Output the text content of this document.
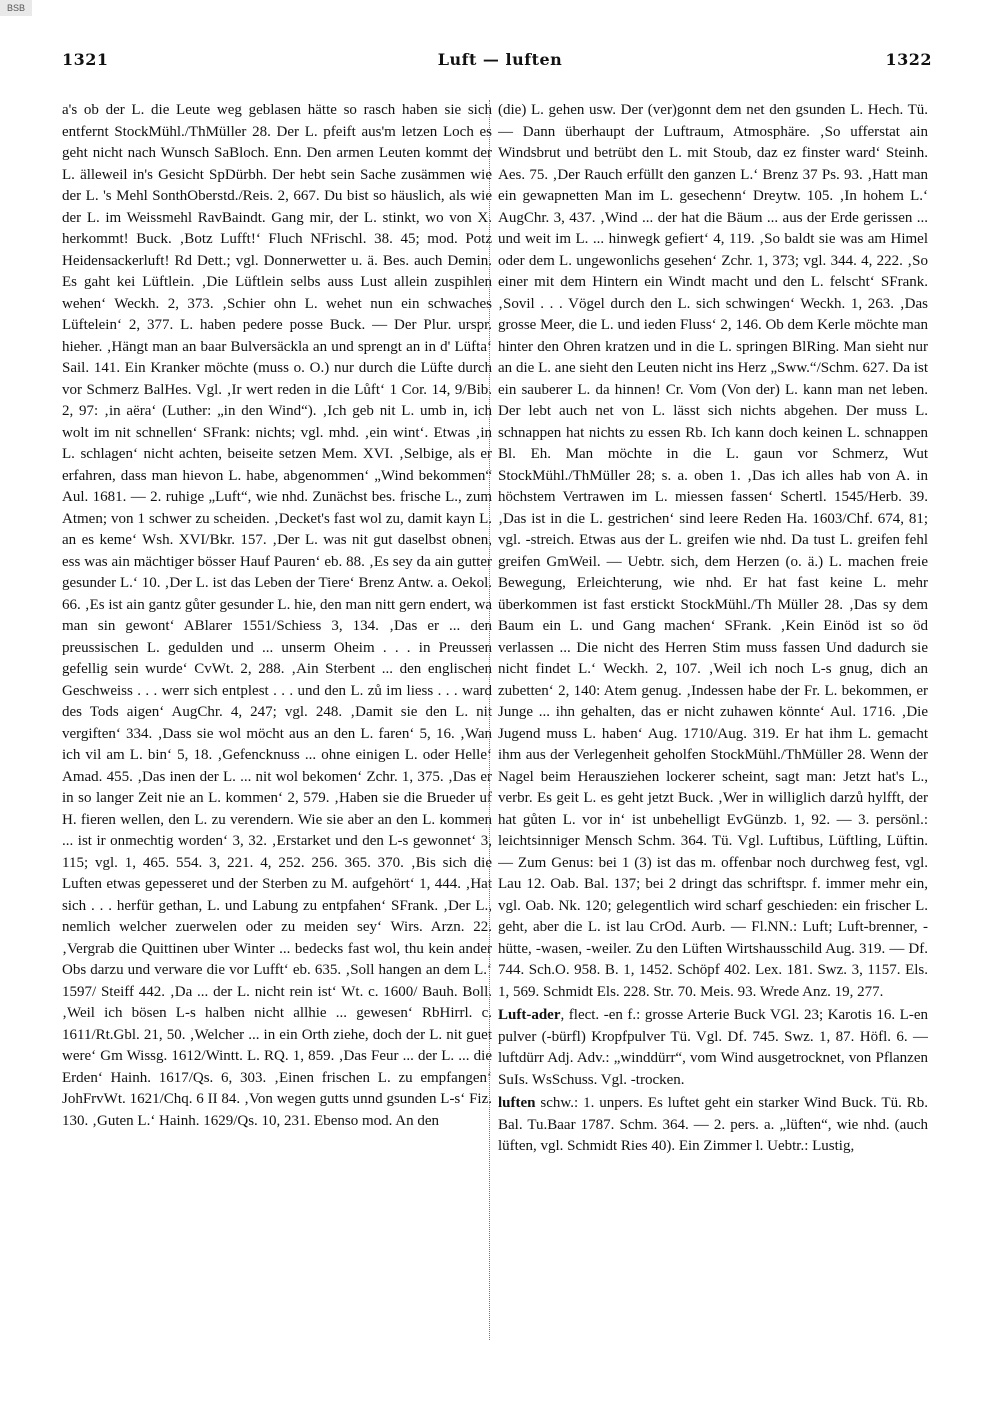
BSB
1321	Luft — luften	1322

a's ob der L. die Leute weg geblasen hätte so rasch haben sie sich entfernt StockMühl./ThMüller 28. Der L. pfeift aus'm letzen Loch es geht nicht nach Wunsch SaBloch. Enn. Den armen Leuten kommt der L. älleweil in's Gesicht SpDürbh. Der hebt sein Sache zusämmen wie der L. 's Mehl SonthOberstd./Reis. 2, 667. Du bist so häuslich, als wie der L. im Weissmehl RavBaindt. Gang mir, der L. stinkt, wo von X. herkommt! Buck. ‚Botz Lufft!‘ Fluch NFrischl. 38. 45; mod. Potz Heidensackerluft! Rd Dett.; vgl. Donnerwetter u. ä. Bes. auch Demin. Es gaht kei Lüftlein. ‚Die Lüftlein selbs auss Lust allein zuspihlen wehen‘ Weckh. 2, 373. ‚Schier ohn L. wehet nun ein schwaches Lüftelein‘ 2, 377. L. haben pedere posse Buck. — Der Plur. urspr. hieher. ‚Hängt man an baar Bulversäckla an und sprengt an in d' Lüfta‘ Sail. 141. Ein Kranker möchte (muss o. O.) nur durch die Lüfte durch vor Schmerz BalHes. Vgl. ‚Ir wert reden in die Lůft‘ 1 Cor. 14, 9/Bib. 2, 97: ‚in aëra‘ (Luther: „in den Wind“). ‚Ich geb nit L. umb in, ich wolt im nit schnellen‘ SFrank: nichts; vgl. mhd. ‚ein wint‘. Etwas ‚in L. schlagen‘ nicht achten, beiseite setzen Mem. XVI. ‚Selbige, als er erfahren, dass man hievon L. habe, abgenommen‘ „Wind bekommen“ Aul. 1681. — 2. ruhige „Luft“, wie nhd. Zunächst bes. frische L., zum Atmen; von 1 schwer zu scheiden. ‚Decket's fast wol zu, damit kayn L. an es keme‘ Wsh. XVI/Bkr. 157. ‚Der L. was nit gut daselbst obnen, ess was ain mächtiger bösser Hauf Pauren‘ eb. 88. ‚Es sey da ain gutter gesunder L.‘ 10. ‚Der L. ist das Leben der Tiere‘ Brenz Antw. a. Oekol. 66. ‚Es ist ain gantz gůter gesunder L. hie, den man nitt gern endert, wa man sin gewont‘ ABlarer 1551/Schiess 3, 134. ‚Das er ... den preussischen L. gedulden und ... unserm Oheim . . . in Preussen gefellig sein wurde‘ CvWt. 2, 288. ‚Ain Sterbent ... den englischen Geschweiss . . . werr sich entplest . . . und den L. zů im liess . . . ward des Tods aigen‘ AugChr. 4, 247; vgl. 248. ‚Damit sie den L. nit vergiften‘ 334. ‚Dass sie wol möcht aus an den L. faren‘ 5, 16. ‚Wan ich vil am L. bin‘ 5, 18. ‚Gefencknuss ... ohne einigen L. oder Helle‘ Amad. 455. ‚Das inen der L. ... nit wol bekomen‘ Zchr. 1, 375. ‚Das er in so langer Zeit nie an L. kommen‘ 2, 579. ‚Haben sie die Brueder uf H. fieren wellen, den L. zu verendern. Wie sie aber an den L. kommen ... ist ir onmechtig worden‘ 3, 32. ‚Erstarket und den L-s gewonnet‘ 3, 115; vgl. 1, 465. 554. 3, 221. 4, 252. 256. 365. 370. ‚Bis sich die Luften etwas gepesseret und der Sterben zu M. aufgehört‘ 1, 444. ‚Hat sich . . . herfür gethan, L. und Labung zu entpfahen‘ SFrank. ‚Der L., nemlich welcher zuerwelen oder zu meiden sey‘ Wirs. Arzn. 22. ‚Vergrab die Quittinen uber Winter ... bedecks fast wol, thu kein ander Obs darzu und verware die vor Lufft‘ eb. 635. ‚Soll hangen an dem L.‘ 1597/ Steiff 442. ‚Da ... der L. nicht rein ist‘ Wt. c. 1600/ Bauh. Boll. ‚Weil ich bösen L-s halben nicht allhie ... gewesen‘ RbHirrl. c. 1611/Rt.Gbl. 21, 50. ‚Welcher ... in ein Orth ziehe, doch der L. nit guet were‘ Gm Wissg. 1612/Wintt. L. RQ. 1, 859. ‚Das Feur ... der L. ... die Erden‘ Hainh. 1617/Qs. 6, 303. ‚Einen frischen L. zu empfangen‘ JohFrvWt. 1621/Chq. 6 II 84. ‚Von wegen gutts unnd gsunden L-s‘ Fiz. 130. ‚Guten L.‘ Hainh. 1629/Qs. 10, 231. Ebenso mod. An den

(die) L. gehen usw. Der (ver)gonnt dem net den gsunden L. Hech. Tü. — Dann überhaupt der Luftraum, Atmosphäre. ‚So ufferstat ain Windsbrut und betrübt den L. mit Stoub, daz ez finster ward‘ Steinh. Aes. 75. ‚Der Rauch erfüllt den ganzen L.‘ Brenz 37 Ps. 93. ‚Hatt man ein gewapnetten Man im L. gesechenn‘ Dreytw. 105. ‚In hohem L.‘ AugChr. 3, 437. ‚Wind ... der hat die Bäum ... aus der Erde gerissen ... und weit im L. ... hinwegk gefiert‘ 4, 119. ‚So baldt sie was am Himel oder dem L. ungewonlichs gesehen‘ Zchr. 1, 373; vgl. 344. 4, 222. ‚So einer mit dem Hintern ein Windt macht und den L. felscht‘ SFrank. ‚Sovil . . . Vögel durch den L. sich schwingen‘ Weckh. 1, 263. ‚Das grosse Meer, die L. und ieden Fluss‘ 2, 146. Ob dem Kerle möchte man hinter den Ohren kratzen und in die L. springen BlRing. Man sieht nur an die L. ane sieht den Leuten nicht ins Herz „Sww.“/Schm. 627. Da ist ein sauberer L. da hinnen! Cr. Vom (Von der) L. kann man net leben. Der lebt auch net von L. lässt sich nichts abgehen. Der muss L. schnappen hat nichts zu essen Rb. Ich kann doch keinen L. schnappen Bl. Eh. Man möchte in die L. gaun vor Schmerz, Wut StockMühl./ThMüller 28; s. a. oben 1. ‚Das ich alles hab von A. in höchstem Vertrawen im L. miessen fassen‘ Schertl. 1545/Herb. 39. ‚Das ist in die L. gestrichen‘ sind leere Reden Ha. 1603/Chf. 674, 81; vgl. -streich. Etwas aus der L. greifen wie nhd. Da tust L. greifen fehl greifen GmWeil. — Uebtr. sich, dem Herzen (o. ä.) L. machen freie Bewegung, Erleichterung, wie nhd. Er hat fast keine L. mehr überkommen ist fast erstickt StockMühl./Th Müller 28. ‚Das sy dem Baum ein L. und Gang machen‘ SFrank. ‚Kein Einöd ist so öd verlassen ... Die nicht des Herren Stim muss fassen Und dadurch sie nicht findet L.‘ Weckh. 2, 107. ‚Weil ich noch L-s gnug, dich an zubetten‘ 2, 140: Atem genug. ‚Indessen habe der Fr. L. bekommen, er Junge ... ihn gehalten, das er nicht zuhawen könnte‘ Aul. 1716. ‚Die Jugend muss L. haben‘ Aug. 1710/Aug. 319. Er hat ihm L. gemacht ihm aus der Verlegenheit geholfen StockMühl./ThMüller 28. Wenn der Nagel beim Herausziehen lockerer scheint, sagt man: Jetzt hat's L., verbr. Es geit L. es geht jetzt Buck. ‚Wer in williglich darzů hylfft, der hat gůten L. vor in‘ ist unbehelligt EvGünzb. 1, 92. — 3. persönl.: leichtsinniger Mensch Schm. 364. Tü. Vgl. Luftibus, Lüftling, Lüftin. — Zum Genus: bei 1 (3) ist das m. offenbar noch durchweg fest, vgl. Lau 12. Oab. Bal. 137; bei 2 dringt das schriftspr. f. immer mehr ein, vgl. Oab. Nk. 120; gelegentlich wird scharf geschieden: ein frischer L. geht, aber die L. ist lau CrOd. Aurb. — Fl.NN.: Luft; Luft-brenner, -hütte, -wasen, -weiler. Zu den Lüften Wirtshausschild Aug. 319. — Df. 744. Sch.O. 958. B. 1, 1452. Schöpf 402. Lex. 181. Swz. 3, 1157. Els. 1, 569. Schmidt Els. 228. Str. 70. Meis. 93. Wrede Anz. 19, 277.

Luft-ader, flect. -en f.: grosse Arterie Buck VGl. 23; Karotis 16. L-en pulver (-bürfl) Kropfpulver Tü. Vgl. Df. 745. Swz. 1, 87. Höfl. 6. — luftdürr Adj. Adv.: „winddürr“, vom Wind ausgetrocknet, von Pflanzen SuIs. WsSchuss. Vgl. -trocken.

luften schw.: 1. unpers. Es luftet geht ein starker Wind Buck. Tü. Rb. Bal. Tu.Baar 1787. Schm. 364. — 2. pers. a. „lüften“, wie nhd. (auch lüften, vgl. Schmidt Ries 40). Ein Zimmer l. Uebtr.: Lustig,
